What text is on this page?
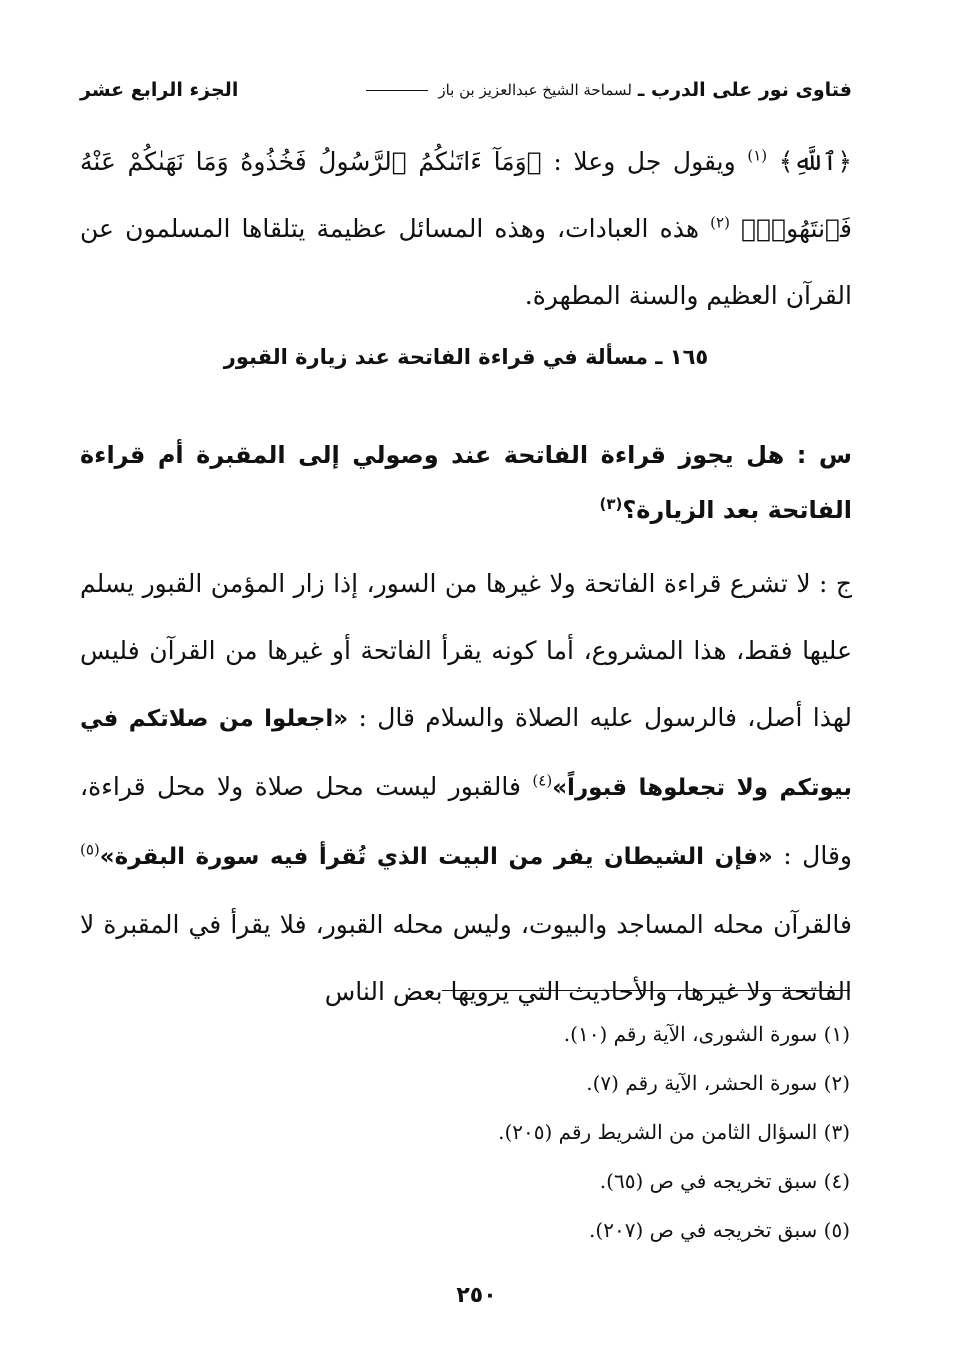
فتاوى نور على الدرب ـ
لسماحة الشيخ عبدالعزيز بن باز
الجزء الرابع عشر
﴿ٱللَّهِ﴾ $^{(١)}$ ويقول جل وعلا : ﴿وَمَآ ءَاتَىٰكُمُ ٱلرَّسُولُ فَخُذُوهُ وَمَا نَهَىٰكُمْ عَنْهُ فَٱنتَهُوا۟﴾ $^{(٢)}$ هذه العبادات، وهذه المسائل عظيمة يتلقاها المسلمون عن القرآن العظيم والسنة المطهرة.
١٦٥ ـ مسألة في قراءة الفاتحة عند زيارة القبور
س : هل يجوز قراءة الفاتحة عند وصولي إلى المقبرة أم قراءة الفاتحة بعد الزيارة؟$^{(٣)}$
ج : لا تشرع قراءة الفاتحة ولا غيرها من السور، إذا زار المؤمن القبور يسلم عليها فقط، هذا المشروع، أما كونه يقرأ الفاتحة أو غيرها من القرآن فليس لهذا أصل، فالرسول عليه الصلاة والسلام قال : «اجعلوا من صلاتكم في بيوتكم ولا تجعلوها قبوراً»$^{(٤)}$ فالقبور ليست محل صلاة ولا محل قراءة، وقال : «فإن الشيطان يفر من البيت الذي تُقرأ فيه سورة البقرة»$^{(٥)}$ فالقرآن محله المساجد والبيوت، وليس محله القبور، فلا يقرأ في المقبرة لا الفاتحة ولا غيرها، والأحاديث التي يرويها بعض الناس
(١) سورة الشورى، الآية رقم (١٠).
(٢) سورة الحشر، الآية رقم (٧).
(٣) السؤال الثامن من الشريط رقم (٢٠٥).
(٤) سبق تخريجه في ص (٦٥).
(٥) سبق تخريجه في ص (٢٠٧).
٢٥٠
